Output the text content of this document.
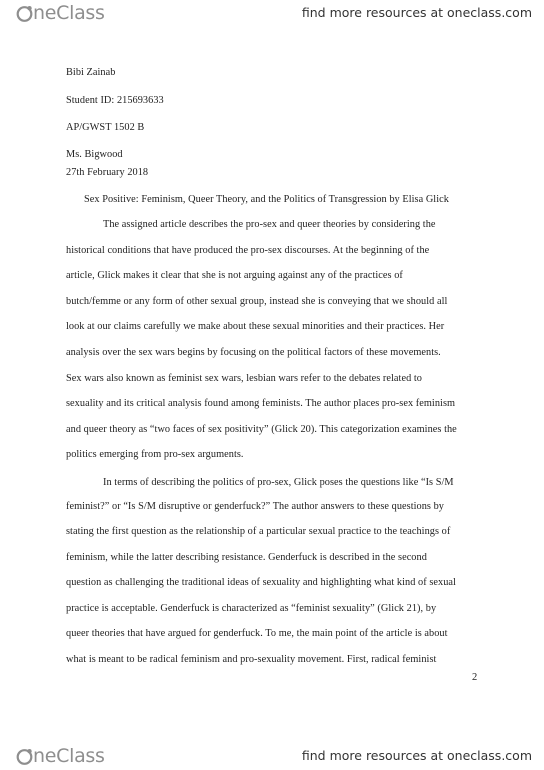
neClass	find more resources at oneclass.com
Bibi Zainab
Student ID: 215693633
AP/GWST 1502 B
Ms. Bigwood
27th February 2018
Sex Positive: Feminism, Queer Theory, and the Politics of Transgression by Elisa Glick
The assigned article describes the pro-sex and queer theories by considering the
historical conditions that have produced the pro-sex discourses. At the beginning of the
article, Glick makes it clear that she is not arguing against any of the practices of
butch/femme or any form of other sexual group, instead she is conveying that we should all
look at our claims carefully we make about these sexual minorities and their practices. Her
analysis over the sex wars begins by focusing on the political factors of these movements.
Sex wars also known as feminist sex wars, lesbian wars refer to the debates related to
sexuality and its critical analysis found among feminists. The author places pro-sex feminism
and queer theory as “two faces of sex positivity” (Glick 20). This categorization examines the
politics emerging from pro-sex arguments.
In terms of describing the politics of pro-sex, Glick poses the questions like “Is S/M
feminist?” or “Is S/M disruptive or genderfuck?” The author answers to these questions by
stating the first question as the relationship of a particular sexual practice to the teachings of
feminism, while the latter describing resistance. Genderfuck is described in the second
question as challenging the traditional ideas of sexuality and highlighting what kind of sexual
practice is acceptable. Genderfuck is characterized as “feminist sexuality” (Glick 21), by
queer theories that have argued for genderfuck. To me, the main point of the article is about
what is meant to be radical feminism and pro-sexuality movement. First, radical feminist
2
neClass	find more resources at oneclass.com
